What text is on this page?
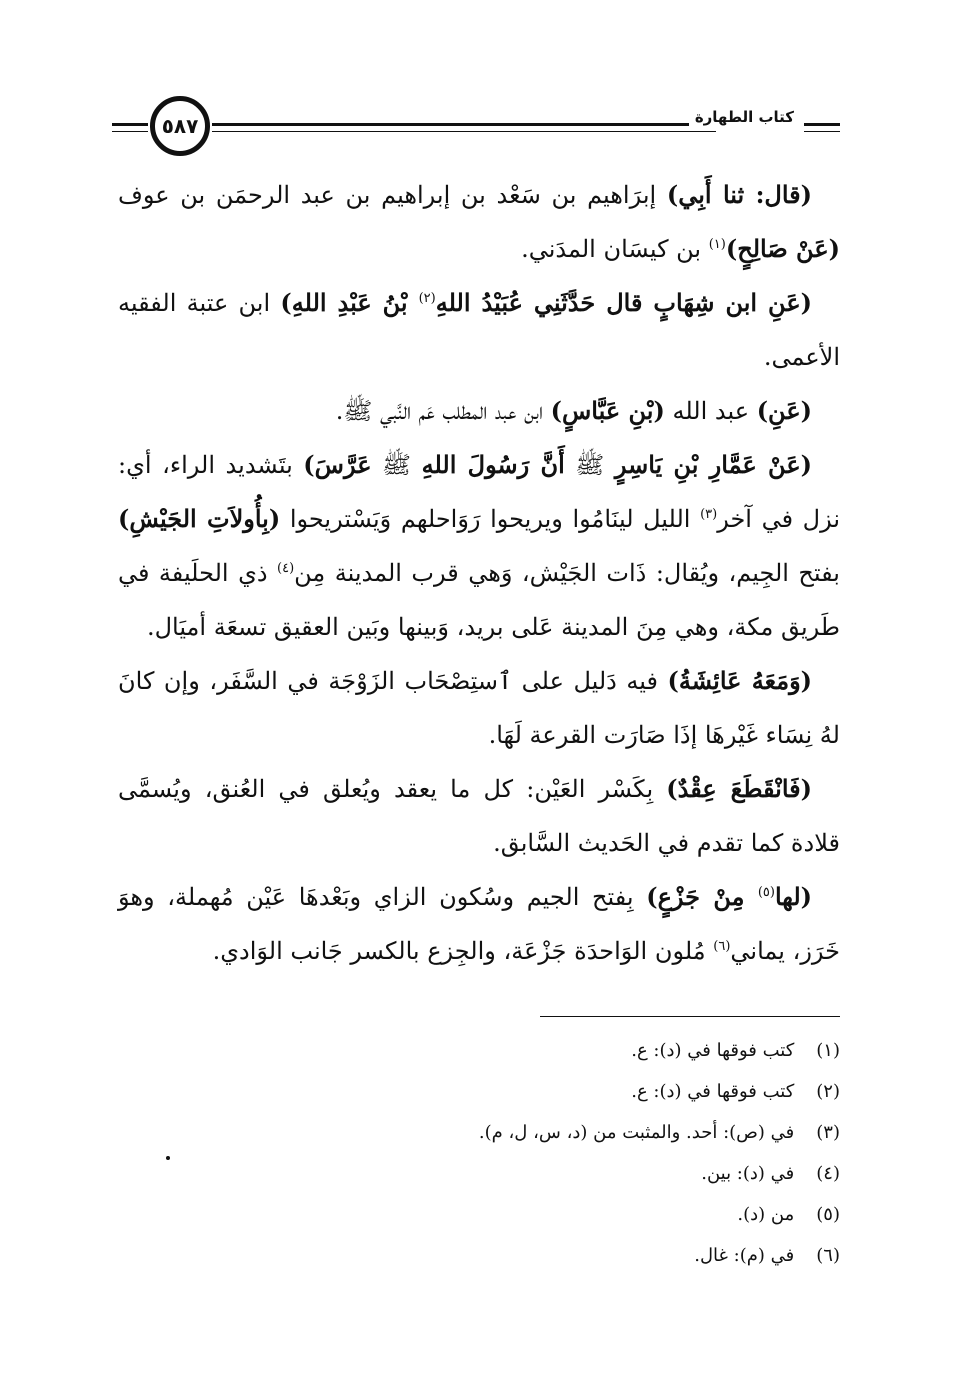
٥٨٧	كتاب الطهارة

(قال: ثنا أَبِي) إبرَاهيم بن سَعْد بن إبراهيم بن عبد الرحمَن بن عوف (عَنْ صَالِحٍ)$^{(١)}$ بن كيسَان المدَني.

(عَنِ ابن شِهَابٍ قال حَدَّثَنِي عُبَيْدُ اللهِ$^{(٢)}$ بْنُ عَبْدِ اللهِ) ابن عتبة الفقيه الأعمى.

(عَنِ) عبد الله (بْنِ عَبَّاسٍ) ابن عبد المطلب عَم النَّبي ﷺ.

(عَنْ عَمَّارِ بْنِ يَاسِرٍ ﷺ أَنَّ رَسُولَ اللهِ ﷺ عَرَّسَ) بتَشديد الراء، أي: نزل في آخر$^{(٣)}$ الليل لينَامُوا ويريحوا رَوَاحلهم وَيَسْتريحوا (بِأُولاَتِ الجَيْشِ) بفتح الجِيم، ويُقال: ذَات الجَيْش، وَهي قرب المدينة مِن$^{(٤)}$ ذي الحلَيفة في طَريق مكة، وهي مِنَ المدينة عَلى بريد، وَبينها وبَين العقيق تسعَة أميَال.

(وَمَعَهُ عَائِشَةُ) فيه دَليل على ٱستِصْحَاب الزَوْجَة في السَّفَر، وإن كانَ لهُ نِسَاء غَيْرهَا إذَا صَارَت القرعة لَهَا.

(فَانْقَطَعَ عِقْدٌ) بِكَسْر العَيْن: كل ما يعقد ويُعلق في العُنق، ويُسمَّى قلادة كما تقدم في الحَديث السَّابق.

(لها$^{(٥)}$ مِنْ جَزْعٍ) بِفتح الجيم وسُكون الزاي وبَعْدهَا عَيْن مُهملة، وهوَ خَرَز، يماني$^{(٦)}$ مُلون الوَاحدَة جَزْعَة، والجِزع بالكسر جَانب الوَادي.

(١) كتب فوقها في (د): ع.

(٢) كتب فوقها في (د): ع.

(٣) في (ص): أحد. والمثبت من (د، س، ل، م).

(٤) في (د): بين.

(٥) من (د).

(٦) في (م): غال.
